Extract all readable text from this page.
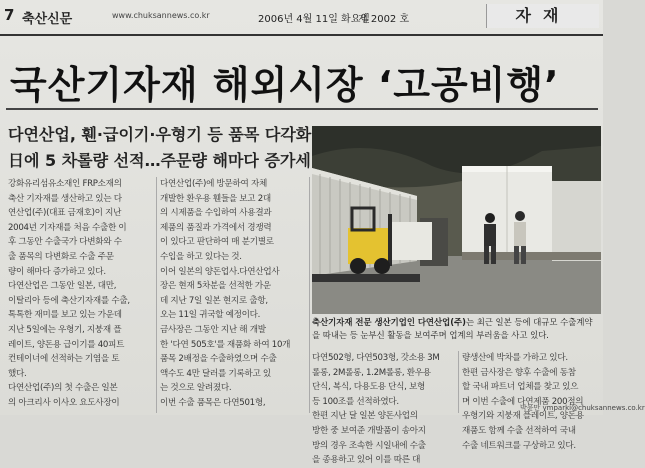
7 축산신문	www.chuksannews.co.kr	2006년 4월 11일 화요일
제 2002 호	자재
국산기자재 해외시장 ‘고공비행’
다연산업, 휀·급이기·우형기 등 품목 다각화
日에 5 차롤량 선적…주문량 해마다 증가세
강화유리섬유소재인 FRP소재의
축산 기자재를 생산하고 있는 다
연산업(주)(대표 금재호)이 지난
2004년 기자재를 처음 수출한 이
후 그동안 수출국가 다변화와 수
출 품목의 다변화로 수출 주문
량이 해마다 증가하고 있다.
다연산업은 그동안 일본, 대만,
이탈리아 등에 축산기자재를 수출,
톡톡한 재미를 보고 있는 가운데
지난 5일에는 우형기, 지붕재 플
레이트, 양돈용 급이기를 40피트
컨테이너에 선적하는 기염을 토
했다.
다연산업(주)의 첫 수출은 일본
의 아크리사 이사오 요도사장이
다연산업(주)에 방문하여 자체
개발한 환우용 휀들을 보고 2대
의 시제품을 수입하여 사용결과
제품의 품질과 가격에서 경쟁력
이 있다고 판단하여 매 분기별로
수입을 하고 있다는 것.
이어 일본의 양돈업사.다연산업사
장은 현재 5차분을 선적한 가운
데 지난 7일 일본 현지로 출항,
오는 11일 귀국할 예정이다.
금사장은 그동안 지난 해 개발
한 '다연 505호'를 재품화 하여 10개
품목 2배정을 수출하였으며 수출
액수도 4만 달러를 기록하고 있
는 것으로 알려졌다.
이번 수출 품목은 다연501형,
축산기자재 전문 생산기업인 다연산업(주)는 최근 일본 등에 대규모 수출계약
을 따내는 등 눈부신 활동을 보여주며 업계의 부러움을 사고 있다.
다연502형, 다연503형, 갓소용 3M
롤롱, 2M롤롱, 1.2M롤롱, 환우용
단식, 복식, 다용도용 단식, 보형
등 100조를 선적하였다.
한편 지난 달 일본 양돈사업의
방한 중 보여준 개발품이 송아지
방의 경우 조속한 시일내에 수출
을 종용하고 있어 이를 따른 대
량생산에 박차를 가하고 있다.
한편 금사장은 향후 수출에 동참
할 국내 파트너 업체를 찾고 있으
며 이번 수출에 다연제품 200점의
우형기와 지붕재 플레이트, 양돈용
재품도 함께 수출 선적하여 국내
수출 네트워크를 구상하고 있다.
박윤만 ymparki@chuksannews.co.kr
